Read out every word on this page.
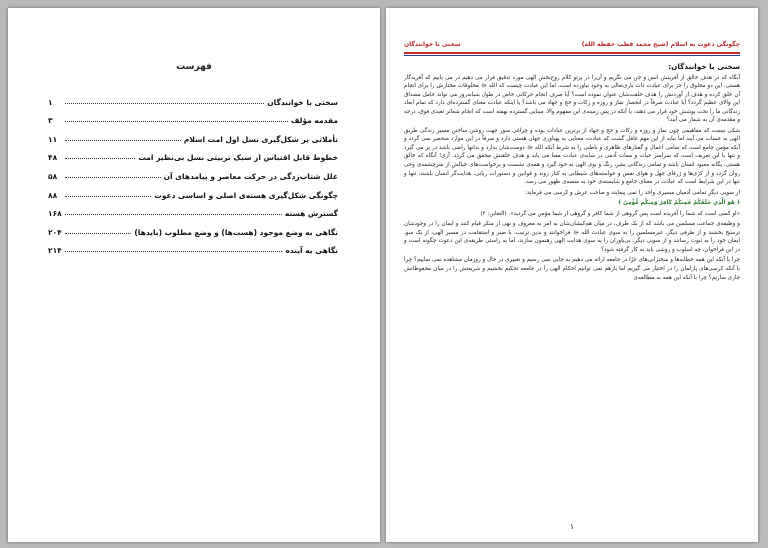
فهرست
سخنی با خوانندگان
۱
مقدمه مؤلف
۳
تأملاتی بر شکل‌گیری نسل اول امت اسلام
۱۱
خطوط قابل اقتباس از سبک تربیتی نسل بی‌نظیر امت
۴۸
علل شتاب‌زدگی در حرکت معاصر و پیامدهای آن
۵۸
چگونگی شکل‌گیری هسته‌ی اصلی و اساسی دعوت
۸۸
گسترش هسته
۱۶۸
نگاهی به وضع موجود (هست‌ها) و وضع مطلوب (بایدها)
۲۰۴
نگاهی به آینده
۲۱۴
چگونگی دعوت به اسلام (شیخ محمد قطب حفظه الله)
سخنی با خوانندگان
سخنی با خوانندگان:

آنگاه که در هدف خالق از آفرینش انس و جن می نگریم و آن‌را در پرتو کلام روح‌بخش الهی مورد تدقیق قرار می دهیم در می یابیم که آفریدگار هستی، این دو مخلوق را جز برای عبادت ذات باری‌تعالی به وجود نیاورده است، اما این عبادت چیست که الله ﷻ مخلوقات مختارش را برای انجام آن خلق کرده و هدف از آوردنش را هدف خلقت‌شان عنوان نموده است؟ آیا صرف انجام حرکاتی خاص در طول شبانه‌روز می تواند حامل مصداق این والای عظیم گردد؟ آیا عبادت صرفاً در انحصار نماز و روزه و زکات و حج و جهاد می باشد؟ یا اینکه عبادت معنای گسترده‌ای دارد که تمام ابعاد زندگانی ما را تحت پوشش خود قرار می دهند، یا آنکه در پس زمینه‌ی این مفهوم والا، مبنایی گسترده نهفته است که انجام شعائر تعبدی فوق، درجه و مقدمه‌ی آن به شمار می آیند؟

شکی نیست که مفاهیمی چون نماز و روزه و زکات و حج و جهاد از برترین عبادات بوده و چراغی منور جهت روشن ساختن مسیر زندگی طریق الهی به حساب می آیند اما نباید از این مهم غافل گشت که عبادت، معنایی به پهناوری جهان هستی دارد و صرفاً در این موارد منحصر نمی گردد و آنکه مؤمن جامع است که تمامی اعمال و گفتارهای ظاهری و باطنی را به شرط آنکه الله ﷻ دوست‌شان بدارد و بدانها راضی باشد در بر می گیرد و تنها با این تعریف است که سراسر حیات و ممات آدمی در سایه‌ی عبادت معنا می یابد و هدف خلقتش محقق می گردد. آری! آنگاه که خالق هستی، یگانه معبود انسان باشد و تمامی زندگانی بشر، رنگ و بوی الهی به خود گیرد و همه‌ی نشست و برخواست‌های خیالش از سرچشمه‌ی وحی روان گردد و از کژی‌ها و ژرفای جهل و هوای نفس و خواسته‌های شیطانی به کنار روند و قوانین و دستورات ربانی، هدایت‌گر انسان باشند، تنها و تنها در این شرایط است که عبادت در معنای جامع و شایسته‌ی خود به منصه‌ی ظهور می رسد.

از سویی دیگر تمامی آدمیان مسیری واحد را نمی پیمایند و صاحب عرش و کرسی می فرماید:

﴿ هُوَ الَّذِي خَلَقَكُمْ فَمِنكُمْ كَافِرٌ وَمِنكُم مُّؤْمِنٌ ﴾

«او کسی است که شما را آفریده است پس گروهی از شما کافر و گروهی از شما مؤمن می گردید». (التغابن: ۲)

و وظیفه‌ی جماعت مسلمین می باشد که از یک طرف، در میان هم‌کیشان‌شان به امر به معروف و نهی از منکر قیام کنند و ایمان را در وجودشان ترسیخ بخشند و از طرفی دیگر، غیرمسلمین را به سوی عبادت الله ﷻ فراخوانند و بدین ترتیب، با صبر و استقامت در مسیر الهی، از یک سو، ایمان خود را به ثبوت رسانند و از سویی دیگر، بی‌یاوران را به سوی هدایت الهی رهنمون سازند، اما به راستی طریقه‌ی این دعوت چگونه است و در این فراخوان، چه اسلوب و روشی باید به کار گرفته شود؟

چرا با آنکه این همه خطابه‌ها و سخنرانی‌های غرّا در جامعه ارائه می دهیم به جایی نمی رسیم و تغییری در حال و روزمان مشاهده نمی نماییم؟ چرا با آنکه کرسی‌های پارلمان را در اختیار می گیریم اما بازهم نمی توانیم احکام الهی را در جامعه تحکیم بخشیم و شریعتش را در میان محفوظاتش جاری سازیم؟ چرا با آنکه این همه به مطالعه‌ی

۱
